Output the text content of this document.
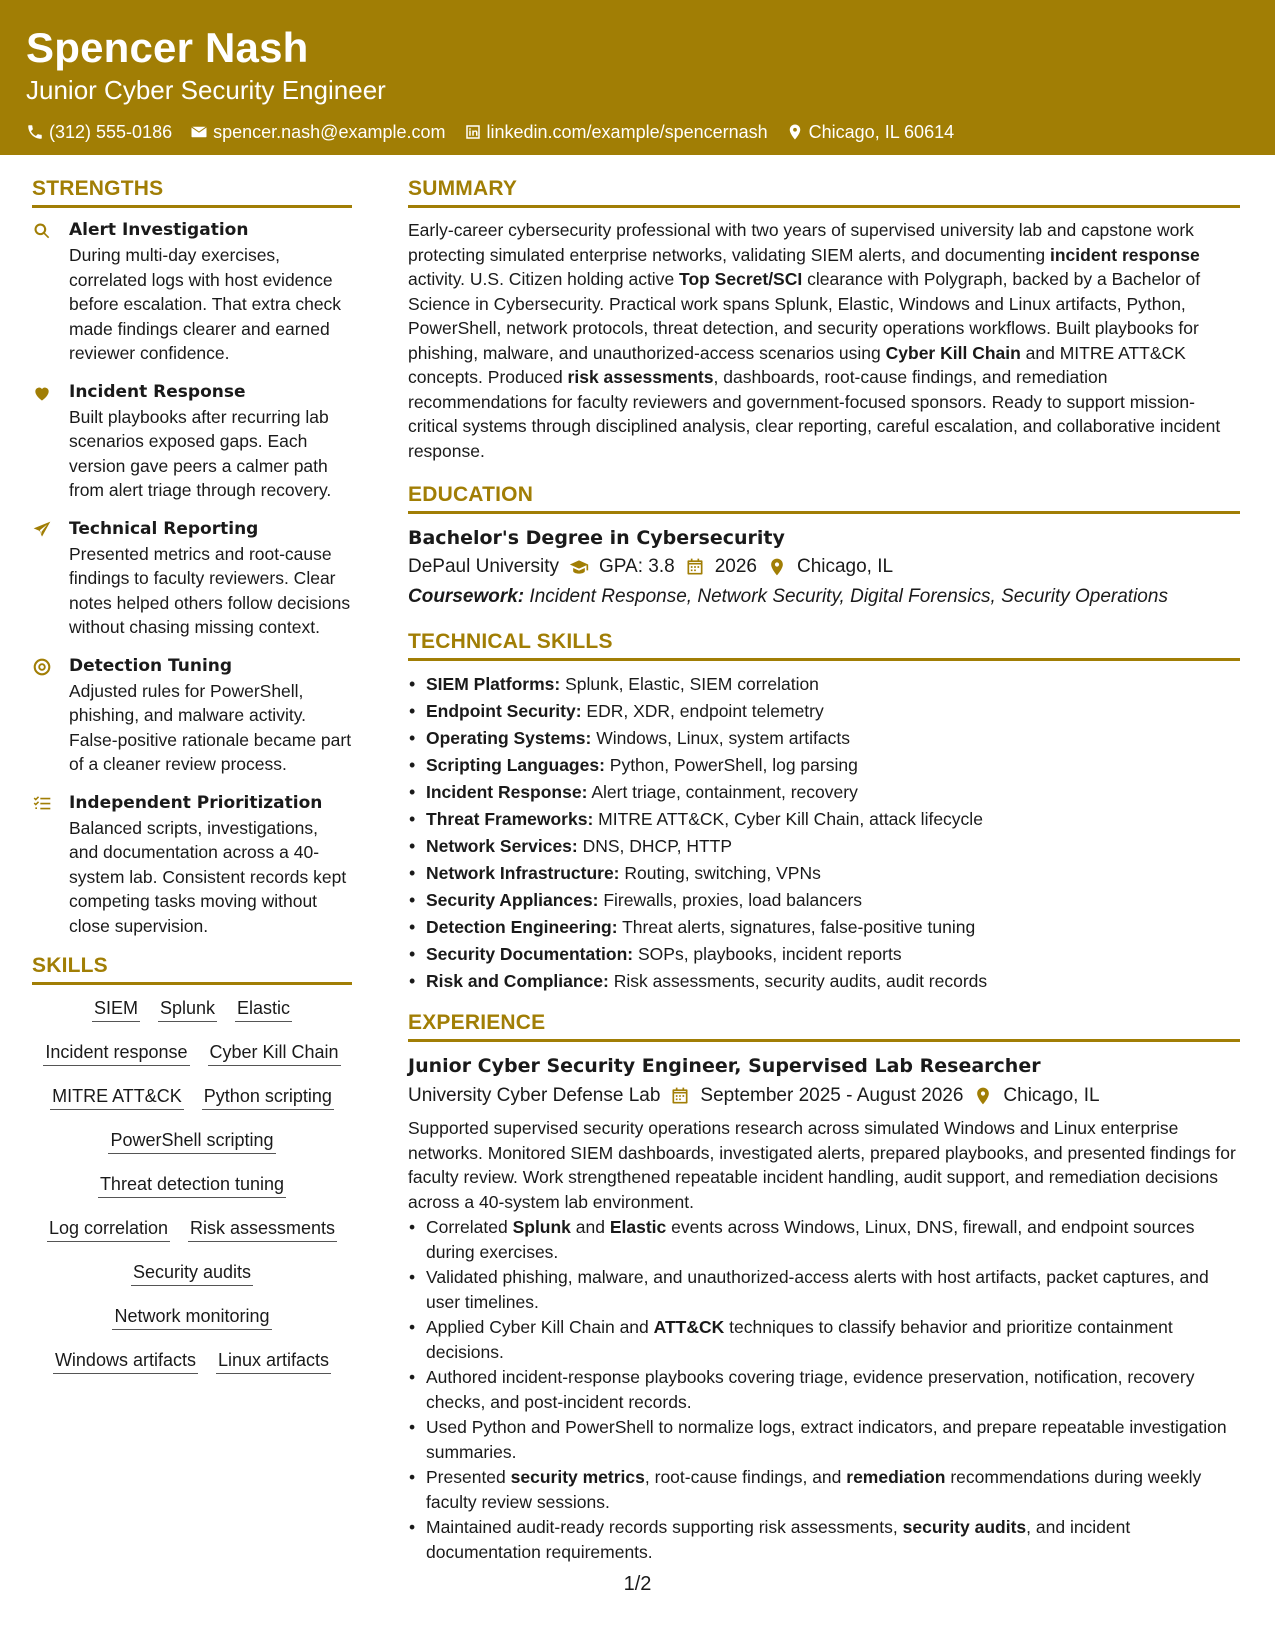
Spencer Nash
Junior Cyber Security Engineer
(312) 555-0186 spencer.nash@example.com linkedin.com/example/spencernash Chicago, IL 60614
STRENGTHS
Alert Investigation
During multi-day exercises, correlated logs with host evidence before escalation. That extra check made findings clearer and earned reviewer confidence.
Incident Response
Built playbooks after recurring lab scenarios exposed gaps. Each version gave peers a calmer path from alert triage through recovery.
Technical Reporting
Presented metrics and root-cause findings to faculty reviewers. Clear notes helped others follow decisions without chasing missing context.
Detection Tuning
Adjusted rules for PowerShell, phishing, and malware activity. False-positive rationale became part of a cleaner review process.
Independent Prioritization
Balanced scripts, investigations, and documentation across a 40-system lab. Consistent records kept competing tasks moving without close supervision.
SKILLS
SIEM Splunk Elastic
Incident response Cyber Kill Chain
MITRE ATT&CK Python scripting
PowerShell scripting
Threat detection tuning
Log correlation Risk assessments
Security audits
Network monitoring
Windows artifacts Linux artifacts
SUMMARY
Early-career cybersecurity professional with two years of supervised university lab and capstone work protecting simulated enterprise networks, validating SIEM alerts, and documenting incident response activity. U.S. Citizen holding active Top Secret/SCI clearance with Polygraph, backed by a Bachelor of Science in Cybersecurity. Practical work spans Splunk, Elastic, Windows and Linux artifacts, Python, PowerShell, network protocols, threat detection, and security operations workflows. Built playbooks for phishing, malware, and unauthorized-access scenarios using Cyber Kill Chain and MITRE ATT&CK concepts. Produced risk assessments, dashboards, root-cause findings, and remediation recommendations for faculty reviewers and government-focused sponsors. Ready to support mission-critical systems through disciplined analysis, clear reporting, careful escalation, and collaborative incident response.
EDUCATION
Bachelor's Degree in Cybersecurity
DePaul University GPA: 3.8 2026 Chicago, IL
Coursework: Incident Response, Network Security, Digital Forensics, Security Operations
TECHNICAL SKILLS
• SIEM Platforms: Splunk, Elastic, SIEM correlation
• Endpoint Security: EDR, XDR, endpoint telemetry
• Operating Systems: Windows, Linux, system artifacts
• Scripting Languages: Python, PowerShell, log parsing
• Incident Response: Alert triage, containment, recovery
• Threat Frameworks: MITRE ATT&CK, Cyber Kill Chain, attack lifecycle
• Network Services: DNS, DHCP, HTTP
• Network Infrastructure: Routing, switching, VPNs
• Security Appliances: Firewalls, proxies, load balancers
• Detection Engineering: Threat alerts, signatures, false-positive tuning
• Security Documentation: SOPs, playbooks, incident reports
• Risk and Compliance: Risk assessments, security audits, audit records
EXPERIENCE
Junior Cyber Security Engineer, Supervised Lab Researcher
University Cyber Defense Lab September 2025 - August 2026 Chicago, IL
Supported supervised security operations research across simulated Windows and Linux enterprise networks. Monitored SIEM dashboards, investigated alerts, prepared playbooks, and presented findings for faculty review. Work strengthened repeatable incident handling, audit support, and remediation decisions across a 40-system lab environment.
• Correlated Splunk and Elastic events across Windows, Linux, DNS, firewall, and endpoint sources during exercises.
• Validated phishing, malware, and unauthorized-access alerts with host artifacts, packet captures, and user timelines.
• Applied Cyber Kill Chain and ATT&CK techniques to classify behavior and prioritize containment decisions.
• Authored incident-response playbooks covering triage, evidence preservation, notification, recovery checks, and post-incident records.
• Used Python and PowerShell to normalize logs, extract indicators, and prepare repeatable investigation summaries.
• Presented security metrics, root-cause findings, and remediation recommendations during weekly faculty review sessions.
• Maintained audit-ready records supporting risk assessments, security audits, and incident documentation requirements.
1/2
